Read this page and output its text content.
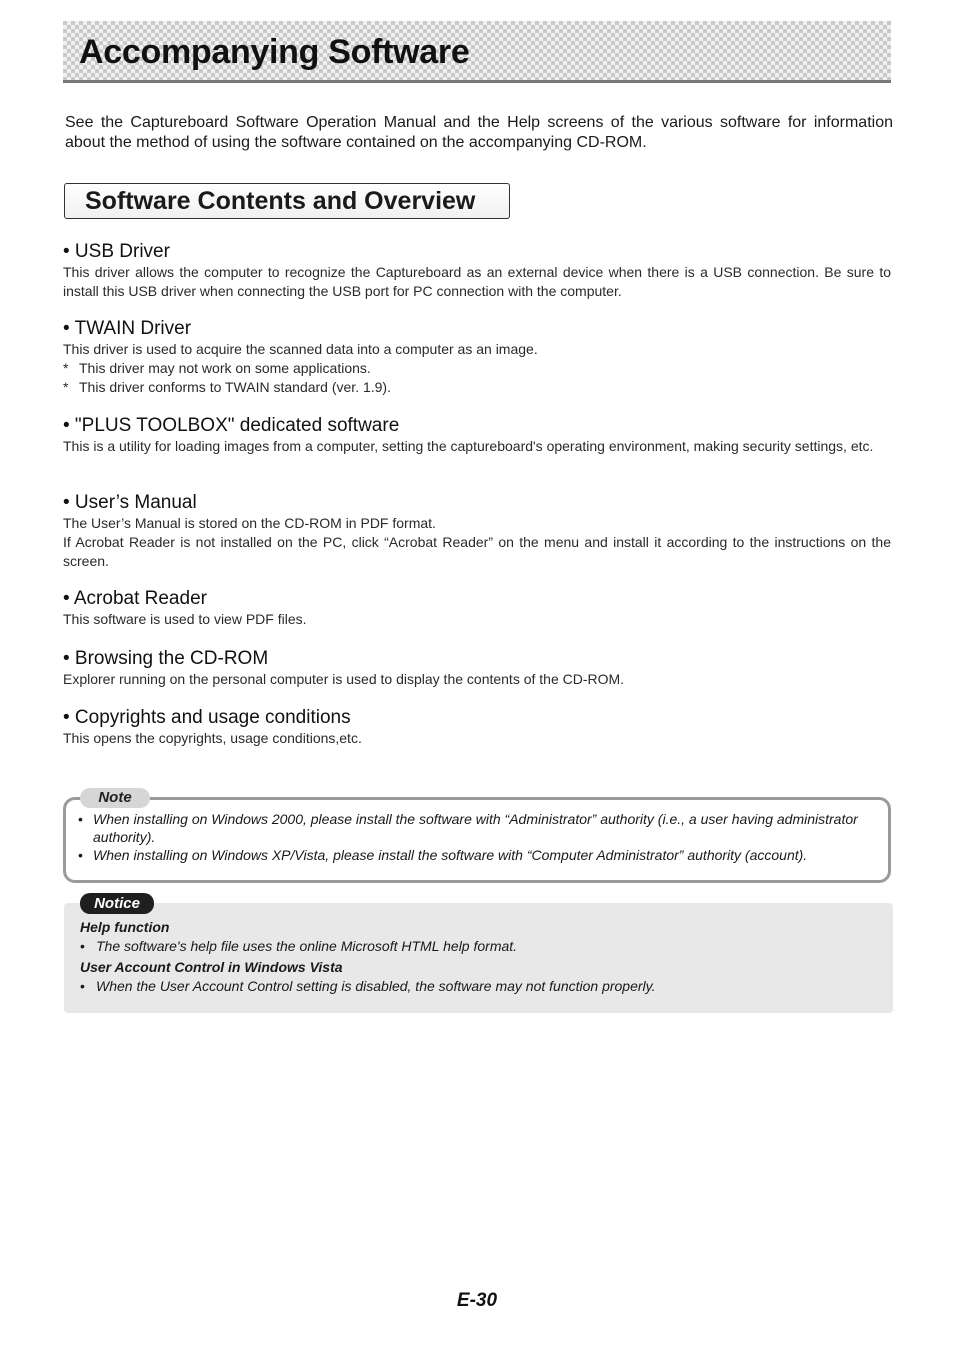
Accompanying Software

See the Captureboard Software Operation Manual and the Help screens of the various software for information about the method of using the software contained on the accompanying CD-ROM.

Software Contents and Overview
• USB Driver

This driver allows the computer to recognize the Captureboard as an external device when there is a USB connection. Be sure to install this USB driver when connecting the USB port for PC connection with the computer.

• TWAIN Driver

This driver is used to acquire the scanned data into a computer as an image.

* This driver may not work on some applications.

* This driver conforms to TWAIN standard (ver. 1.9).

• "PLUS TOOLBOX" dedicated software

This is a utility for loading images from a computer, setting the captureboard's operating environment, making security settings, etc.

• User’s Manual

The User’s Manual is stored on the CD-ROM in PDF format.

If Acrobat Reader is not installed on the PC, click “Acrobat Reader” on the menu and install it according to the instructions on the screen.

• Acrobat Reader

This software is used to view PDF files.

• Browsing the CD-ROM

Explorer running on the personal computer is used to display the contents of the CD-ROM.

• Copyrights and usage conditions

This opens the copyrights, usage conditions,etc.

Note
• When installing on Windows 2000, please install the software with “Administrator” authority (i.e., a user having administrator authority).
• When installing on Windows XP/Vista, please install the software with “Computer Administrator” authority (account).
Notice
Help function
• The software's help file uses the online Microsoft HTML help format.
User Account Control in Windows Vista
• When the User Account Control setting is disabled, the software may not function properly.
E-30
